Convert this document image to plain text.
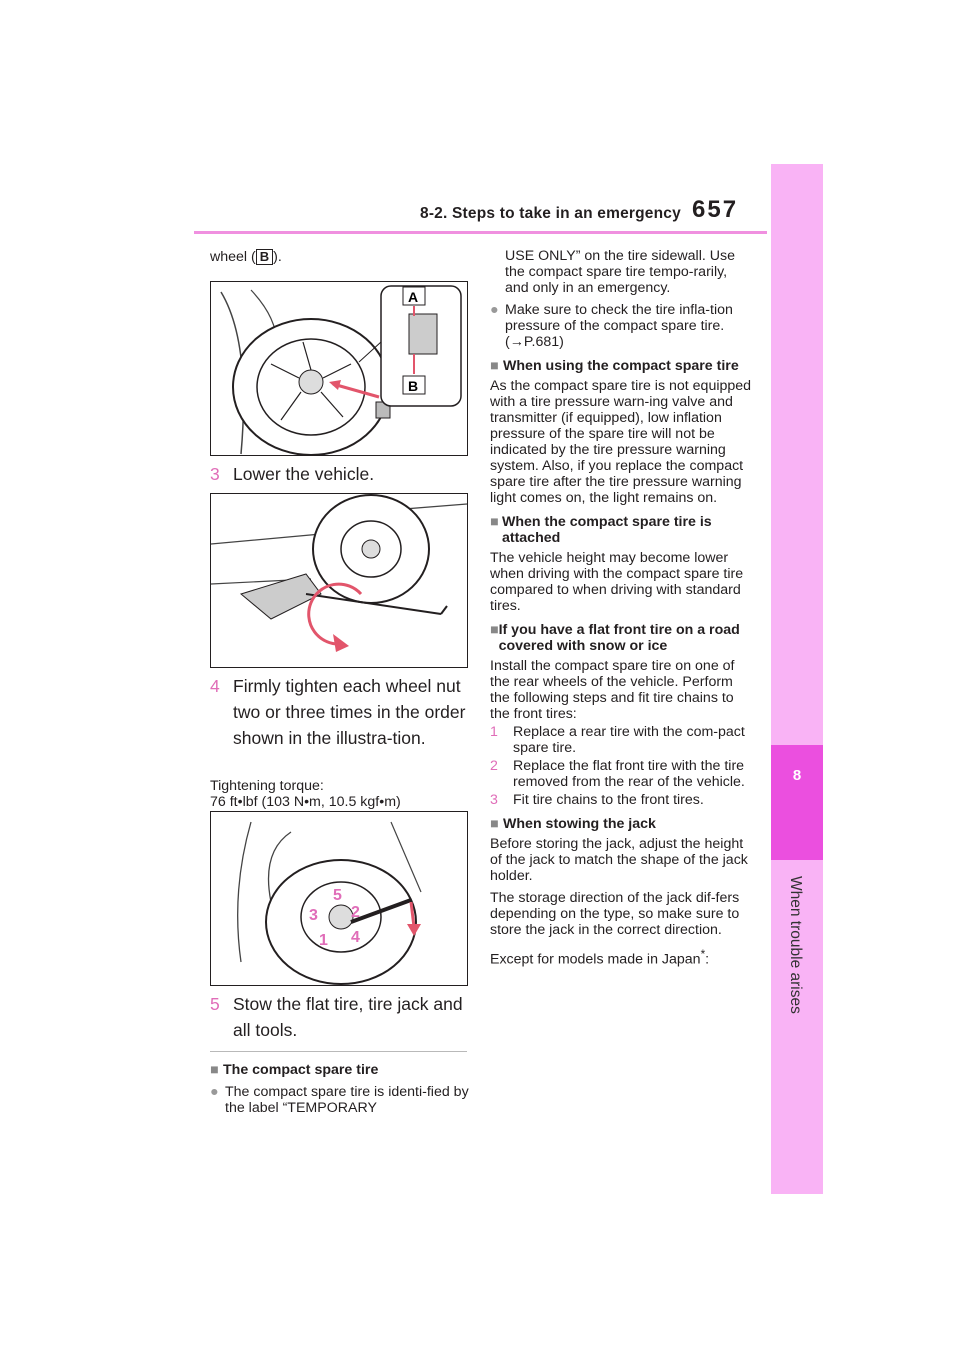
8-2. Steps to take in an emergency 657
8
When trouble arises
wheel ( B ).
A
B
3 Lower the vehicle.
4 Firmly tighten each wheel nut two or three times in the order shown in the illustra-tion.
Tightening torque:
76 ft•lbf (103 N•m, 10.5 kgf•m)
1
2
3
4
5
5 Stow the flat tire, tire jack and all tools.
■ The compact spare tire
● The compact spare tire is identi-fied by the label “TEMPORARY
USE ONLY” on the tire sidewall. Use the compact spare tire tempo-rarily, and only in an emergency.
● Make sure to check the tire infla-tion pressure of the compact spare tire. (→P.681)
■ When using the compact spare tire
As the compact spare tire is not equipped with a tire pressure warn-ing valve and transmitter (if equipped), low inflation pressure of the spare tire will not be indicated by the tire pressure warning system. Also, if you replace the compact spare tire after the tire pressure warning light comes on, the light remains on.
■ When the compact spare tire is attached
The vehicle height may become lower when driving with the compact spare tire compared to when driving with standard tires.
■ If you have a flat front tire on a road covered with snow or ice
Install the compact spare tire on one of the rear wheels of the vehicle. Perform the following steps and fit tire chains to the front tires:
1	Replace a rear tire with the com-pact spare tire.
2	Replace the flat front tire with the tire removed from the rear of the vehicle.
3	Fit tire chains to the front tires.
■ When stowing the jack
Before storing the jack, adjust the height of the jack to match the shape of the jack holder.
The storage direction of the jack dif-fers depending on the type, so make sure to store the jack in the correct direction.
Except for models made in Japan*:
